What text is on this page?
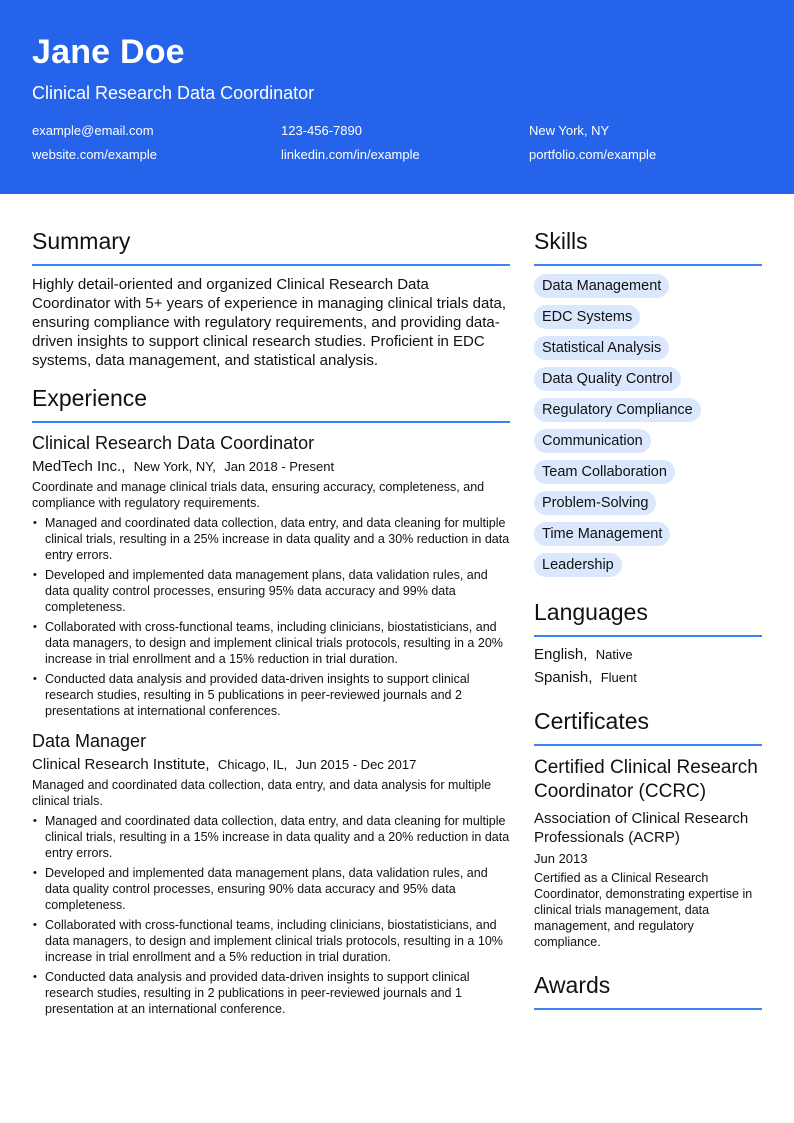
Jane Doe
Clinical Research Data Coordinator
example@email.com	123-456-7890	New York, NY
website.com/example	linkedin.com/in/example	portfolio.com/example
Summary
Highly detail-oriented and organized Clinical Research Data Coordinator with 5+ years of experience in managing clinical trials data, ensuring compliance with regulatory requirements, and providing data-driven insights to support clinical research studies. Proficient in EDC systems, data management, and statistical analysis.
Experience
Clinical Research Data Coordinator
MedTech Inc., New York, NY, Jan 2018 - Present
Coordinate and manage clinical trials data, ensuring accuracy, completeness, and compliance with regulatory requirements.
• Managed and coordinated data collection, data entry, and data cleaning for multiple clinical trials, resulting in a 25% increase in data quality and a 30% reduction in data entry errors.
• Developed and implemented data management plans, data validation rules, and data quality control processes, ensuring 95% data accuracy and 99% data completeness.
• Collaborated with cross-functional teams, including clinicians, biostatisticians, and data managers, to design and implement clinical trials protocols, resulting in a 20% increase in trial enrollment and a 15% reduction in trial duration.
• Conducted data analysis and provided data-driven insights to support clinical research studies, resulting in 5 publications in peer-reviewed journals and 2 presentations at international conferences.
Data Manager
Clinical Research Institute, Chicago, IL, Jun 2015 - Dec 2017
Managed and coordinated data collection, data entry, and data analysis for multiple clinical trials.
• Managed and coordinated data collection, data entry, and data cleaning for multiple clinical trials, resulting in a 15% increase in data quality and a 20% reduction in data entry errors.
• Developed and implemented data management plans, data validation rules, and data quality control processes, ensuring 90% data accuracy and 95% data completeness.
• Collaborated with cross-functional teams, including clinicians, biostatisticians, and data managers, to design and implement clinical trials protocols, resulting in a 10% increase in trial enrollment and a 5% reduction in trial duration.
• Conducted data analysis and provided data-driven insights to support clinical research studies, resulting in 2 publications in peer-reviewed journals and 1 presentation at an international conference.
Skills
Data Management
EDC Systems
Statistical Analysis
Data Quality Control
Regulatory Compliance
Communication
Team Collaboration
Problem-Solving
Time Management
Leadership
Languages
English, Native
Spanish, Fluent
Certificates
Certified Clinical Research Coordinator (CCRC)
Association of Clinical Research Professionals (ACRP)
Jun 2013
Certified as a Clinical Research Coordinator, demonstrating expertise in clinical trials management, data management, and regulatory compliance.
Awards
